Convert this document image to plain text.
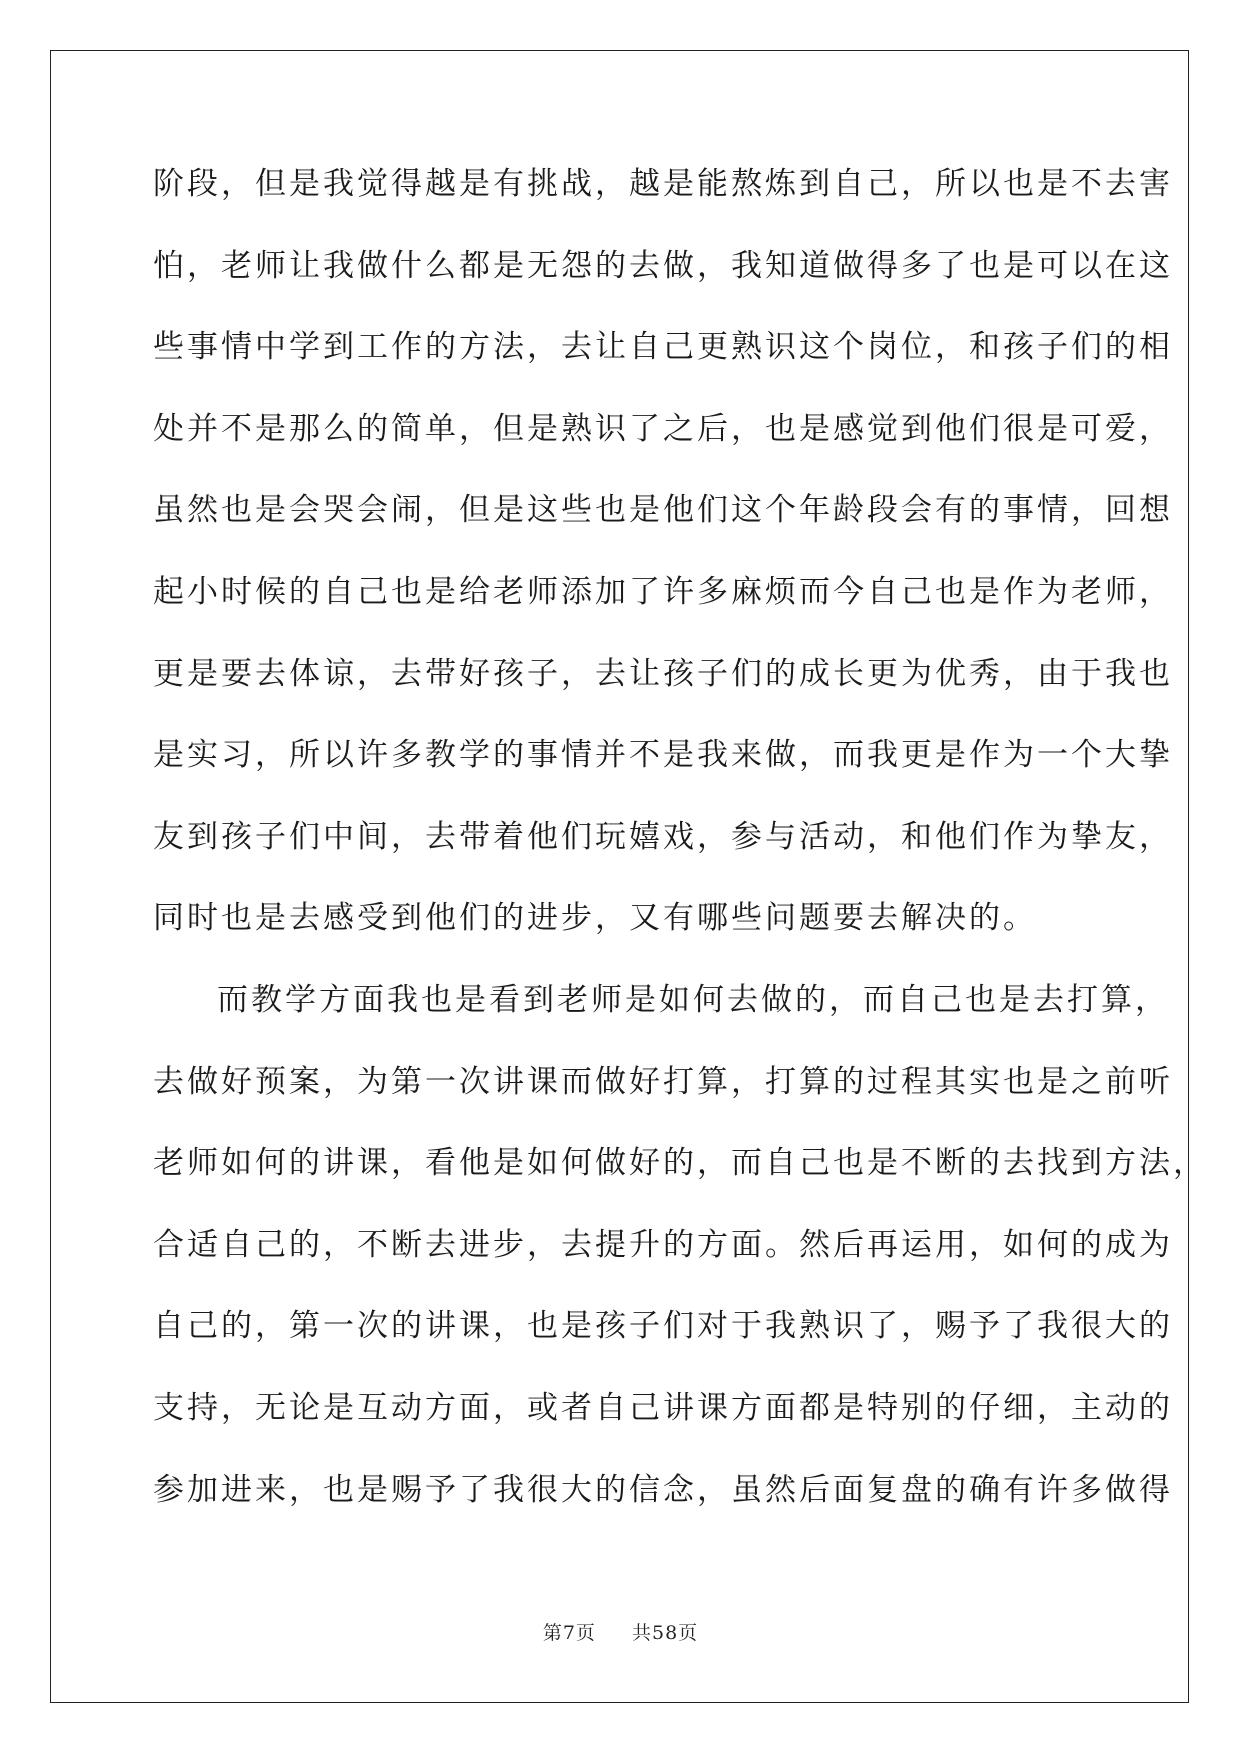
阶段，但是我觉得越是有挑战，越是能熬炼到自己，所以也是不去害
怕，老师让我做什么都是无怨的去做，我知道做得多了也是可以在这
些事情中学到工作的方法，去让自己更熟识这个岗位，和孩子们的相
处并不是那么的简单，但是熟识了之后，也是感觉到他们很是可爱，
虽然也是会哭会闹，但是这些也是他们这个年龄段会有的事情，回想
起小时候的自己也是给老师添加了许多麻烦而今自己也是作为老师，
更是要去体谅，去带好孩子，去让孩子们的成长更为优秀，由于我也
是实习，所以许多教学的事情并不是我来做，而我更是作为一个大挚
友到孩子们中间，去带着他们玩嬉戏，参与活动，和他们作为挚友，
同时也是去感受到他们的进步，又有哪些问题要去解决的。
而教学方面我也是看到老师是如何去做的，而自己也是去打算，
去做好预案，为第一次讲课而做好打算，打算的过程其实也是之前听
老师如何的讲课，看他是如何做好的，而自己也是不断的去找到方法，
合适自己的，不断去进步，去提升的方面。然后再运用，如何的成为
自己的，第一次的讲课，也是孩子们对于我熟识了，赐予了我很大的
支持，无论是互动方面，或者自己讲课方面都是特别的仔细，主动的
参加进来，也是赐予了我很大的信念，虽然后面复盘的确有许多做得
第7页 共58页
